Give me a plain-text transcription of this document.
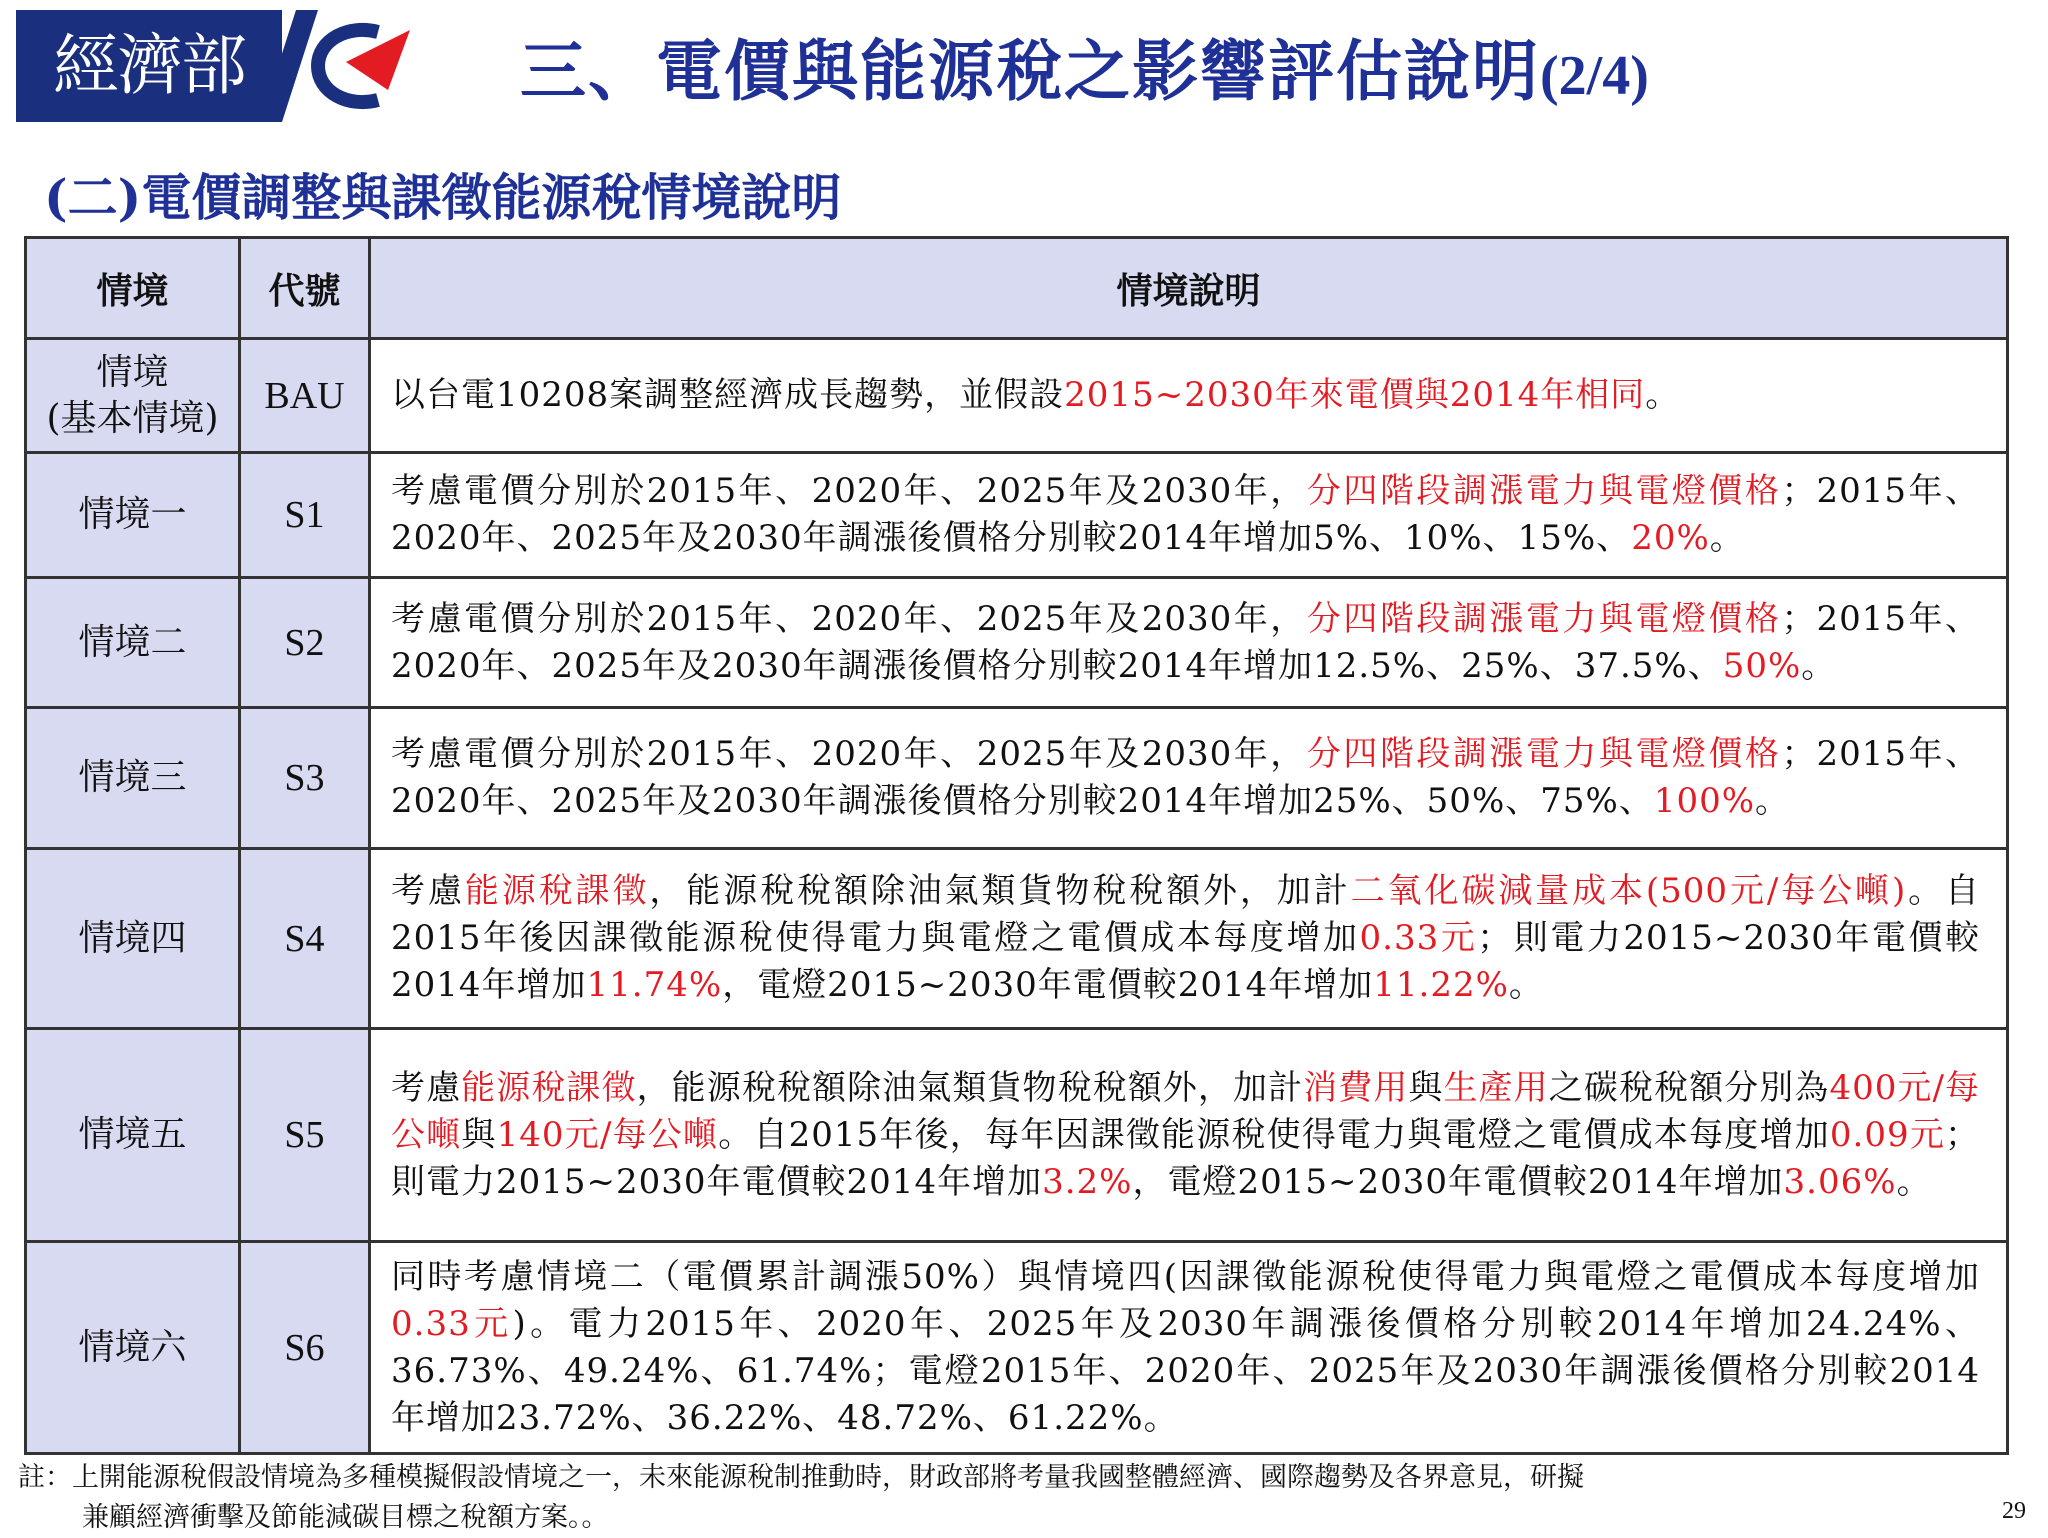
經濟部	三、電價與能源稅之影響評估說明(2/4)
(二)電價調整與課徵能源稅情境說明
情境	代號	情境說明

情境
(基本情境)	BAU	以台電10208案調整經濟成長趨勢，並假設2015~2030年來電價與2014年相同。
情境一	S1	考慮電價分別於2015年、2020年、2025年及2030年，分四階段調漲電力與電燈價格；2015年、2020年、2025年及2030年調漲後價格分別較2014年增加5%、10%、15%、20%。
情境二	S2	考慮電價分別於2015年、2020年、2025年及2030年，分四階段調漲電力與電燈價格；2015年、2020年、2025年及2030年調漲後價格分別較2014年增加12.5%、25%、37.5%、50%。
情境三	S3	考慮電價分別於2015年、2020年、2025年及2030年，分四階段調漲電力與電燈價格；2015年、2020年、2025年及2030年調漲後價格分別較2014年增加25%、50%、75%、100%。
情境四	S4	考慮能源稅課徵，能源稅稅額除油氣類貨物稅稅額外，加計二氧化碳減量成本(500元/每公噸)。自2015年後因課徵能源稅使得電力與電燈之電價成本每度增加0.33元；則電力2015~2030年電價較2014年增加11.74%，電燈2015~2030年電價較2014年增加11.22%。
情境五	S5	考慮能源稅課徵，能源稅稅額除油氣類貨物稅稅額外，加計消費用與生產用之碳稅稅額分別為400元/每公噸與140元/每公噸。自2015年後，每年因課徵能源稅使得電力與電燈之電價成本每度增加0.09元；則電力2015~2030年電價較2014年增加3.2%，電燈2015~2030年電價較2014年增加3.06%。
情境六	S6	同時考慮情境二（電價累計調漲50%）與情境四(因課徵能源稅使得電力與電燈之電價成本每度增加0.33元)。電力2015年、2020年、2025年及2030年調漲後價格分別較2014年增加24.24%、36.73%、49.24%、61.74%；電燈2015年、2020年、2025年及2030年調漲後價格分別較2014年增加23.72%、36.22%、48.72%、61.22%。
註：上開能源稅假設情境為多種模擬假設情境之一，未來能源稅制推動時，財政部將考量我國整體經濟、國際趨勢及各界意見，研擬
兼顧經濟衝擊及節能減碳目標之稅額方案。。	29
